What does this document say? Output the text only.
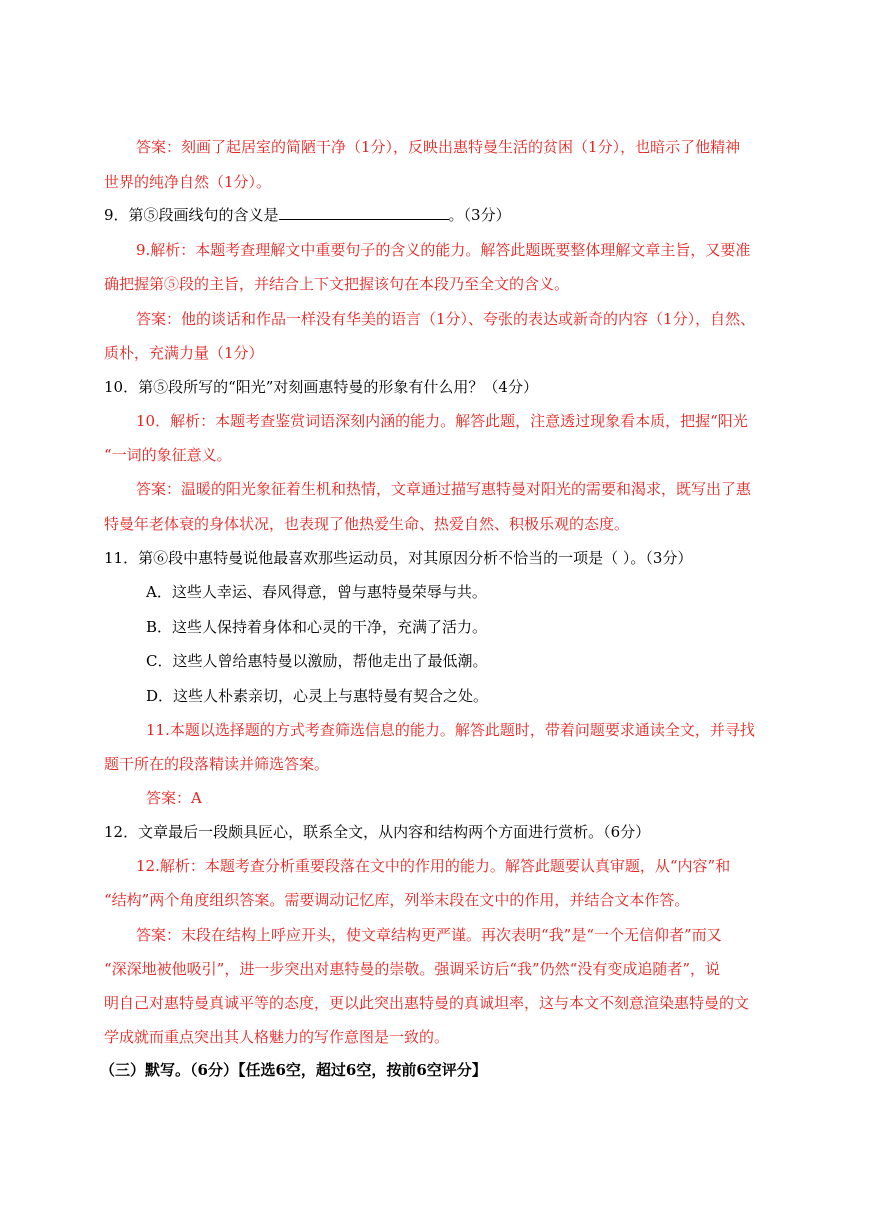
答案：刻画了起居室的简陋干净（1分），反映出惠特曼生活的贫困（1分），也暗示了他精神
世界的纯净自然（1分）。
9．第⑤段画线句的含义是	。（3分）
9.解析：本题考查理解文中重要句子的含义的能力。解答此题既要整体理解文章主旨，又要准
确把握第⑤段的主旨，并结合上下文把握该句在本段乃至全文的含义。
答案：他的谈话和作品一样没有华美的语言（1分）、夸张的表达或新奇的内容（1分），自然、
质朴，充满力量（1分）
10．第⑤段所写的“阳光”对刻画惠特曼的形象有什么用？（4分）
10．解析：本题考查鉴赏词语深刻内涵的能力。解答此题，注意透过现象看本质，把握“阳光
“一词的象征意义。
答案：温暖的阳光象征着生机和热情，文章通过描写惠特曼对阳光的需要和渴求，既写出了惠
特曼年老体衰的身体状况，也表现了他热爱生命、热爱自然、积极乐观的态度。
11．第⑥段中惠特曼说他最喜欢那些运动员，对其原因分析不恰当的一项是（ ）。（3分）
A．这些人幸运、春风得意，曾与惠特曼荣辱与共。
B．这些人保持着身体和心灵的干净，充满了活力。
C．这些人曾给惠特曼以激励，帮他走出了最低潮。
D．这些人朴素亲切，心灵上与惠特曼有契合之处。
11.本题以选择题的方式考查筛选信息的能力。解答此题时，带着问题要求通读全文，并寻找
题干所在的段落精读并筛选答案。
答案：A
12．文章最后一段颇具匠心，联系全文，从内容和结构两个方面进行赏析。（6分）
12.解析：本题考查分析重要段落在文中的作用的能力。解答此题要认真审题，从“内容”和
“结构”两个角度组织答案。需要调动记忆库，列举末段在文中的作用，并结合文本作答。
答案：末段在结构上呼应开头，使文章结构更严谨。再次表明“我”是“一个无信仰者”而又
“深深地被他吸引”，进一步突出对惠特曼的崇敬。强调采访后“我”仍然“没有变成追随者”，说
明自己对惠特曼真诚平等的态度，更以此突出惠特曼的真诚坦率，这与本文不刻意渲染惠特曼的文
学成就而重点突出其人格魅力的写作意图是一致的。
（三）默写。（6分）【任选6空，超过6空，按前6空评分】
